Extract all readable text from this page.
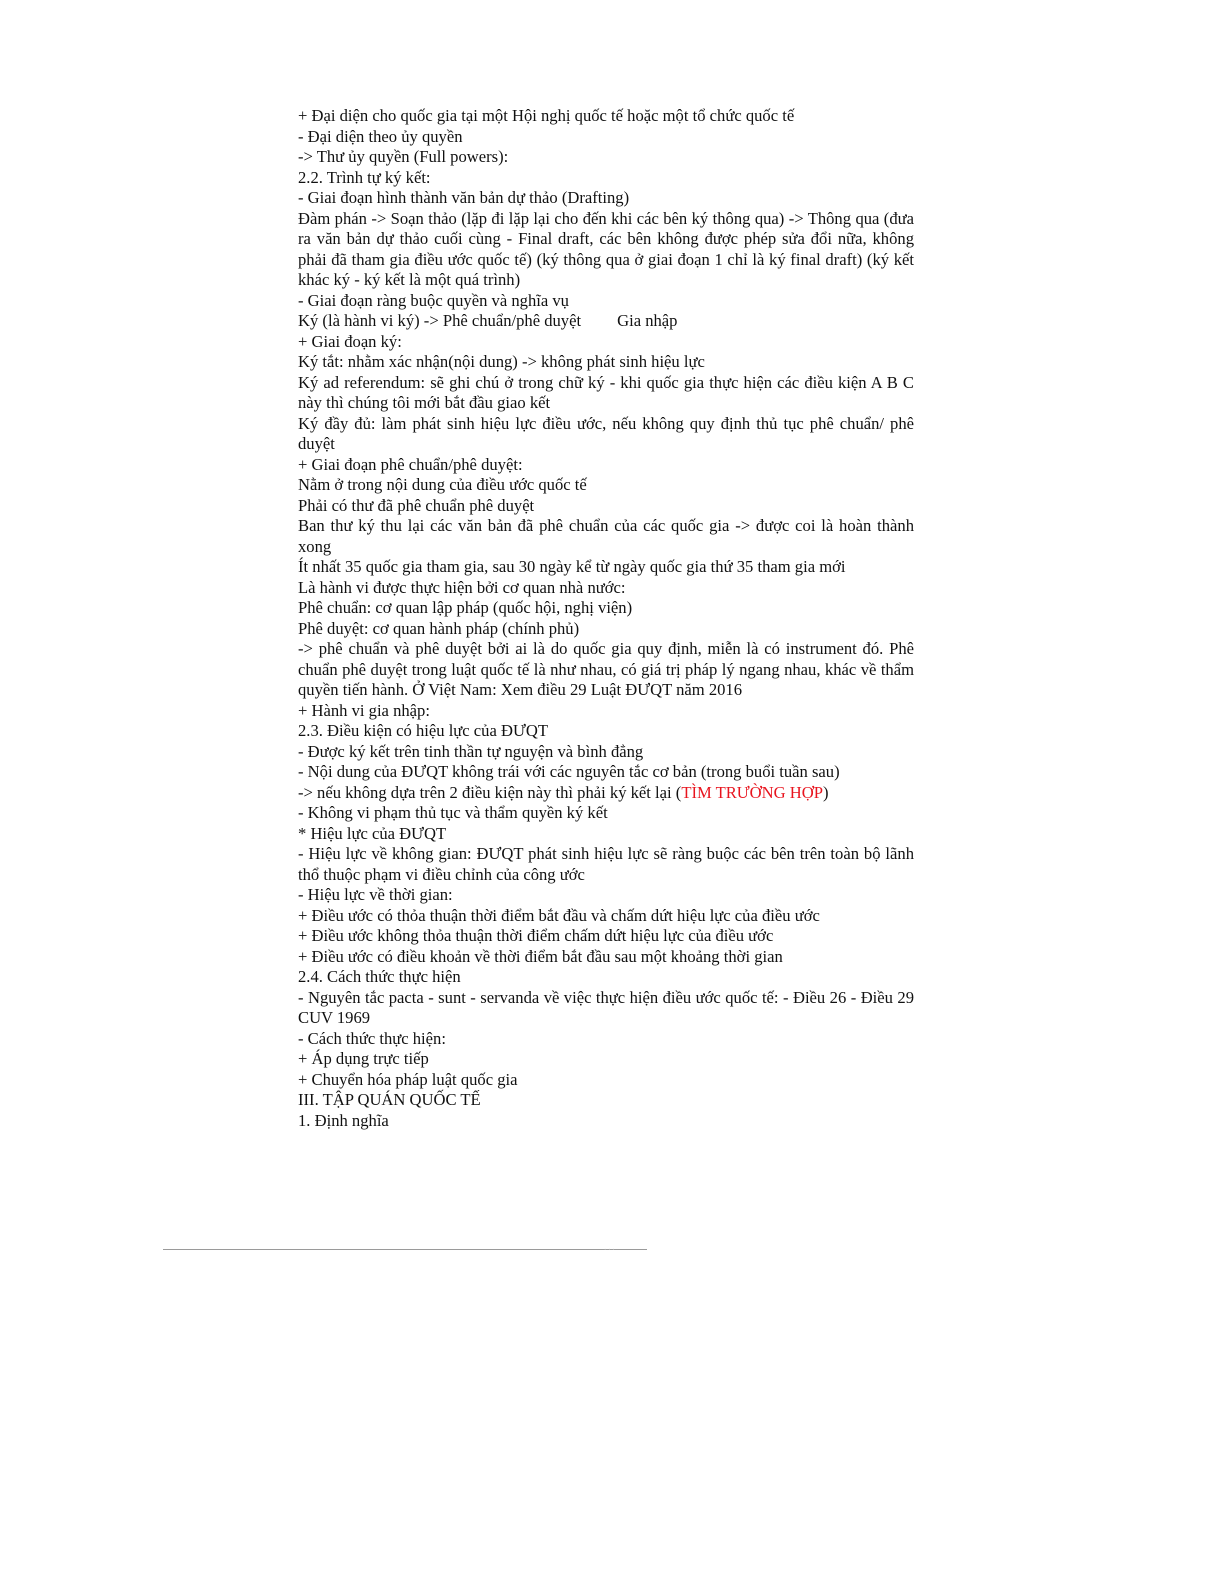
+ Đại diện cho quốc gia tại một Hội nghị quốc tế hoặc một tổ chức quốc tế
- Đại diện theo ủy quyền
-> Thư ủy quyền (Full powers):
2.2. Trình tự ký kết:
- Giai đoạn hình thành văn bản dự thảo (Drafting)
Đàm phán -> Soạn thảo (lặp đi lặp lại cho đến khi các bên ký thông qua) -> Thông qua (đưa ra văn bản dự thảo cuối cùng - Final draft, các bên không được phép sửa đổi nữa, không phải đã tham gia điều ước quốc tế) (ký thông qua ở giai đoạn 1 chỉ là ký final draft) (ký kết khác ký - ký kết là một quá trình)
- Giai đoạn ràng buộc quyền và nghĩa vụ
Ký (là hành vi ký) -> Phê chuẩn/phê duyệt Gia nhập
+ Giai đoạn ký:
Ký tắt: nhằm xác nhận(nội dung) -> không phát sinh hiệu lực
Ký ad referendum: sẽ ghi chú ở trong chữ ký - khi quốc gia thực hiện các điều kiện A B C này thì chúng tôi mới bắt đầu giao kết
Ký đầy đủ: làm phát sinh hiệu lực điều ước, nếu không quy định thủ tục phê chuẩn/ phê duyệt
+ Giai đoạn phê chuẩn/phê duyệt:
Nằm ở trong nội dung của điều ước quốc tế
Phải có thư đã phê chuẩn phê duyệt
Ban thư ký thu lại các văn bản đã phê chuẩn của các quốc gia -> được coi là hoàn thành xong
Ít nhất 35 quốc gia tham gia, sau 30 ngày kể từ ngày quốc gia thứ 35 tham gia mới
Là hành vi được thực hiện bởi cơ quan nhà nước:
Phê chuẩn: cơ quan lập pháp (quốc hội, nghị viện)
Phê duyệt: cơ quan hành pháp (chính phủ)
-> phê chuẩn và phê duyệt bởi ai là do quốc gia quy định, miễn là có instrument đó. Phê chuẩn phê duyệt trong luật quốc tế là như nhau, có giá trị pháp lý ngang nhau, khác về thẩm quyền tiến hành. Ở Việt Nam: Xem điều 29 Luật ĐƯQT năm 2016
+ Hành vi gia nhập:
2.3. Điều kiện có hiệu lực của ĐƯQT
- Được ký kết trên tinh thần tự nguyện và bình đẳng
- Nội dung của ĐƯQT không trái với các nguyên tắc cơ bản (trong buổi tuần sau)
-> nếu không dựa trên 2 điều kiện này thì phải ký kết lại (TÌM TRƯỜNG HỢP)
- Không vi phạm thủ tục và thẩm quyền ký kết
* Hiệu lực của ĐƯQT
- Hiệu lực về không gian: ĐƯQT phát sinh hiệu lực sẽ ràng buộc các bên trên toàn bộ lãnh thổ thuộc phạm vi điều chỉnh của công ước
- Hiệu lực về thời gian:
+ Điều ước có thỏa thuận thời điểm bắt đầu và chấm dứt hiệu lực của điều ước
+ Điều ước không thỏa thuận thời điểm chấm dứt hiệu lực của điều ước
+ Điều ước có điều khoản về thời điểm bắt đầu sau một khoảng thời gian
2.4. Cách thức thực hiện
- Nguyên tắc pacta - sunt - servanda về việc thực hiện điều ước quốc tế: - Điều 26 - Điều 29 CUV 1969
- Cách thức thực hiện:
+ Áp dụng trực tiếp
+ Chuyển hóa pháp luật quốc gia
III. TẬP QUÁN QUỐC TẾ
1. Định nghĩa
· · ·
